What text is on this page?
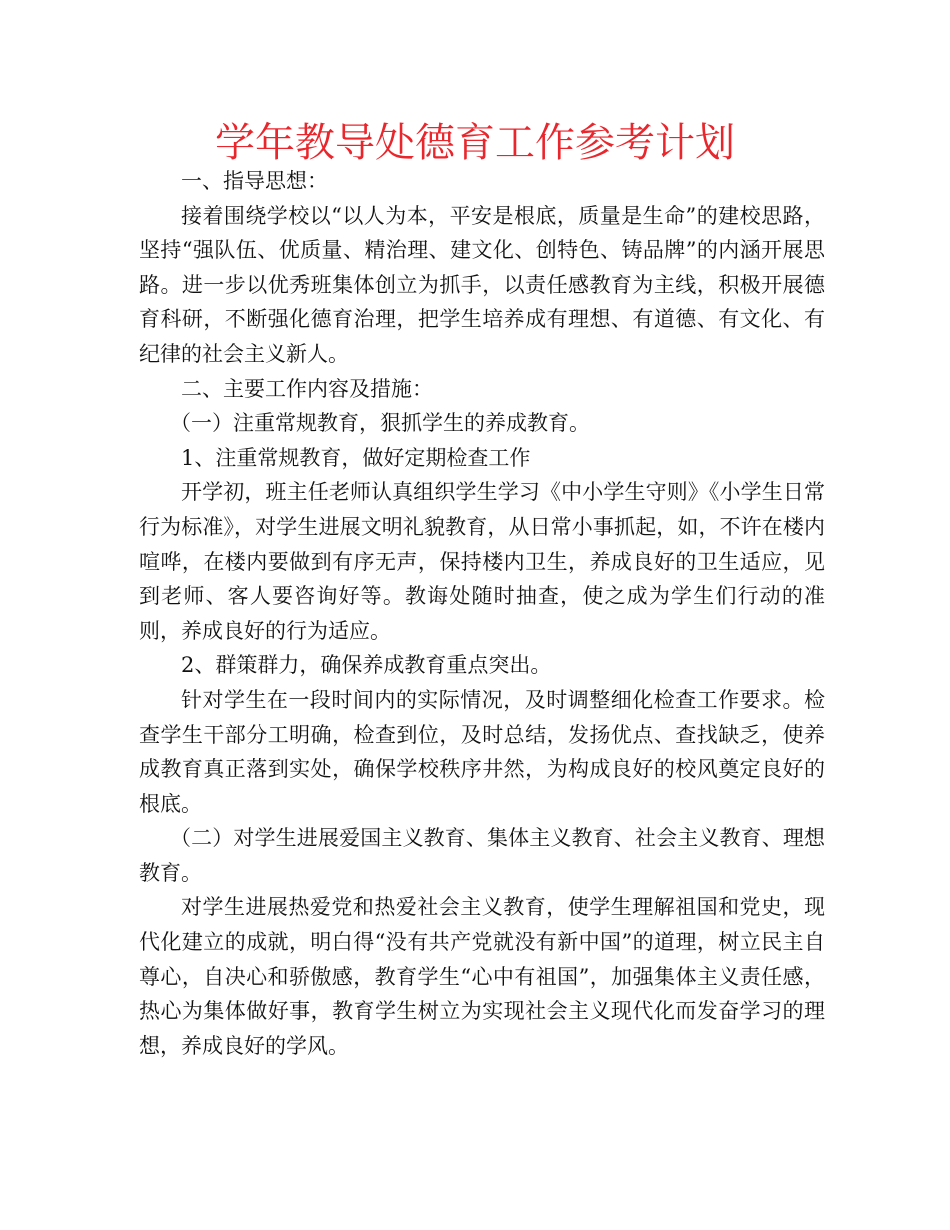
学年教导处德育工作参考计划

一、指导思想：

接着围绕学校以“以人为本，平安是根底，质量是生命”的建校思路，坚持“强队伍、优质量、精治理、建文化、创特色、铸品牌”的内涵开展思路。进一步以优秀班集体创立为抓手，以责任感教育为主线，积极开展德育科研，不断强化德育治理，把学生培养成有理想、有道德、有文化、有纪律的社会主义新人。

二、主要工作内容及措施：

（一）注重常规教育，狠抓学生的养成教育。

1、注重常规教育，做好定期检查工作

开学初，班主任老师认真组织学生学习《中小学生守则》《小学生日常行为标准》，对学生进展文明礼貌教育，从日常小事抓起，如，不许在楼内喧哗，在楼内要做到有序无声，保持楼内卫生，养成良好的卫生适应，见到老师、客人要咨询好等。教诲处随时抽查，使之成为学生们行动的准则，养成良好的行为适应。

2、群策群力，确保养成教育重点突出。

针对学生在一段时间内的实际情况，及时调整细化检查工作要求。检查学生干部分工明确，检查到位，及时总结，发扬优点、查找缺乏，使养成教育真正落到实处，确保学校秩序井然，为构成良好的校风奠定良好的根底。

（二）对学生进展爱国主义教育、集体主义教育、社会主义教育、理想教育。

对学生进展热爱党和热爱社会主义教育，使学生理解祖国和党史，现代化建立的成就，明白得“没有共产党就没有新中国”的道理，树立民主自尊心，自决心和骄傲感，教育学生“心中有祖国”，加强集体主义责任感，热心为集体做好事，教育学生树立为实现社会主义现代化而发奋学习的理想，养成良好的学风。
